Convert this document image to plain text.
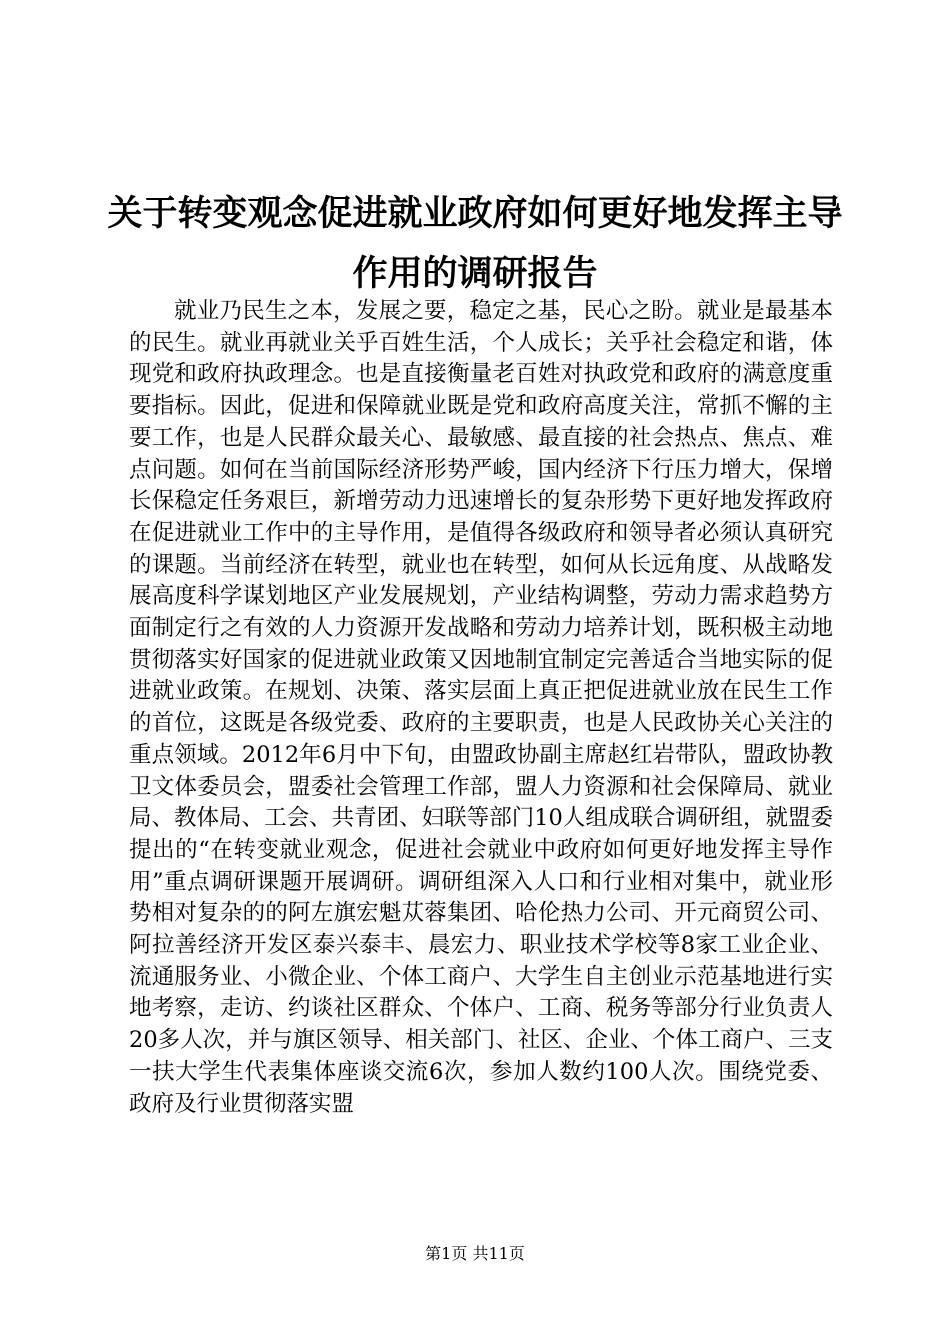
关于转变观念促进就业政府如何更好地发挥主导作用的调研报告

就业乃民生之本，发展之要，稳定之基，民心之盼。就业是最基本的民生。就业再就业关乎百姓生活，个人成长；关乎社会稳定和谐，体现党和政府执政理念。也是直接衡量老百姓对执政党和政府的满意度重要指标。因此，促进和保障就业既是党和政府高度关注，常抓不懈的主要工作，也是人民群众最关心、最敏感、最直接的社会热点、焦点、难点问题。如何在当前国际经济形势严峻，国内经济下行压力增大，保增长保稳定任务艰巨，新增劳动力迅速增长的复杂形势下更好地发挥政府在促进就业工作中的主导作用，是值得各级政府和领导者必须认真研究的课题。当前经济在转型，就业也在转型，如何从长远角度、从战略发展高度科学谋划地区产业发展规划，产业结构调整，劳动力需求趋势方面制定行之有效的人力资源开发战略和劳动力培养计划，既积极主动地贯彻落实好国家的促进就业政策又因地制宜制定完善适合当地实际的促进就业政策。在规划、决策、落实层面上真正把促进就业放在民生工作的首位，这既是各级党委、政府的主要职责，也是人民政协关心关注的重点领域。2012年6月中下旬，由盟政协副主席赵红岩带队，盟政协教卫文体委员会，盟委社会管理工作部，盟人力资源和社会保障局、就业局、教体局、工会、共青团、妇联等部门10人组成联合调研组，就盟委提出的“在转变就业观念，促进社会就业中政府如何更好地发挥主导作用”重点调研课题开展调研。调研组深入人口和行业相对集中，就业形势相对复杂的的阿左旗宏魁苁蓉集团、哈伦热力公司、开元商贸公司、阿拉善经济开发区泰兴泰丰、晨宏力、职业技术学校等8家工业企业、流通服务业、小微企业、个体工商户、大学生自主创业示范基地进行实地考察，走访、约谈社区群众、个体户、工商、税务等部分行业负责人20多人次，并与旗区领导、相关部门、社区、企业、个体工商户、三支一扶大学生代表集体座谈交流6次，参加人数约100人次。围绕党委、政府及行业贯彻落实盟

第1页 共11页
